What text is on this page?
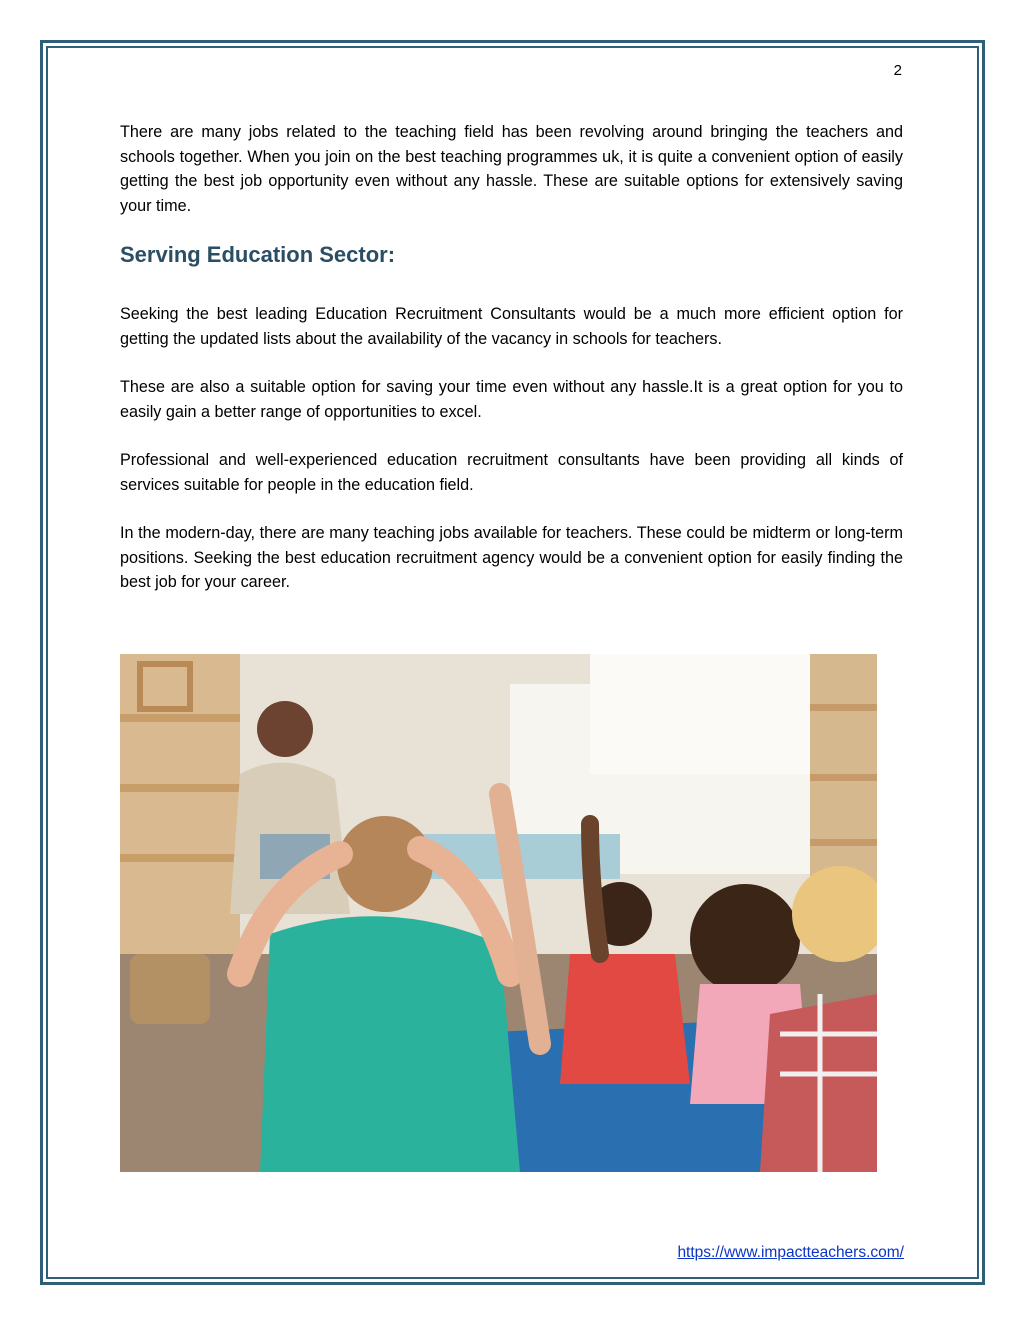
2

There are many jobs related to the teaching field has been revolving around bringing the teachers and schools together. When you join on the best teaching programmes uk, it is quite a convenient option of easily getting the best job opportunity even without any hassle. These are suitable options for extensively saving your time.

Serving Education Sector:

Seeking the best leading Education Recruitment Consultants would be a much more efficient option for getting the updated lists about the availability of the vacancy in schools for teachers.

These are also a suitable option for saving your time even without any hassle.It is a great option for you to easily gain a better range of opportunities to excel.

Professional and well-experienced education recruitment consultants have been providing all kinds of services suitable for people in the education field.

In the modern-day, there are many teaching jobs available for teachers. These could be midterm or long-term positions. Seeking the best education recruitment agency would be a convenient option for easily finding the best job for your career.

https://www.impactteachers.com/
